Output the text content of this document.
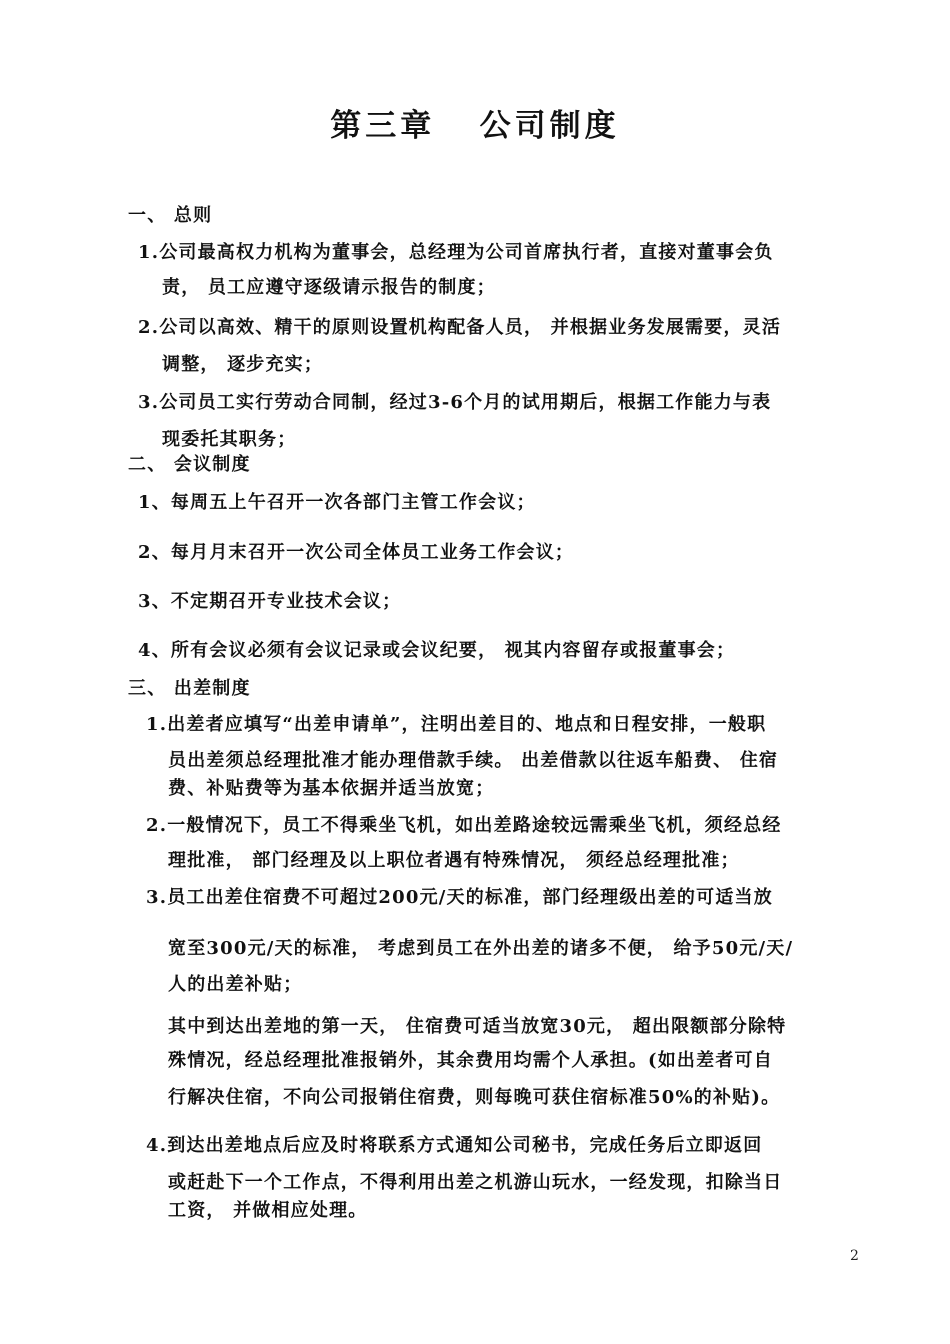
第三章   公司制度
一、 总则
1.公司最高权力机构为董事会，总经理为公司首席执行者，直接对董事会负
责， 员工应遵守逐级请示报告的制度；
2.公司以高效、精干的原则设置机构配备人员， 并根据业务发展需要，灵活
调整， 逐步充实；
3.公司员工实行劳动合同制，经过3-6个月的试用期后，根据工作能力与表
现委托其职务；
二、 会议制度
1、每周五上午召开一次各部门主管工作会议；
2、每月月末召开一次公司全体员工业务工作会议；
3、不定期召开专业技术会议；
4、所有会议必须有会议记录或会议纪要， 视其内容留存或报董事会；
三、 出差制度
1.出差者应填写“出差申请单”，注明出差目的、地点和日程安排，一般职
员出差须总经理批准才能办理借款手续。 出差借款以往返车船费、 住宿
费、补贴费等为基本依据并适当放宽；
2.一般情况下，员工不得乘坐飞机，如出差路途较远需乘坐飞机，须经总经
理批准， 部门经理及以上职位者遇有特殊情况， 须经总经理批准；
3.员工出差住宿费不可超过200元/天的标准，部门经理级出差的可适当放
宽至300元/天的标准， 考虑到员工在外出差的诸多不便， 给予50元/天/
人的出差补贴；
其中到达出差地的第一天， 住宿费可适当放宽30元， 超出限额部分除特
殊情况，经总经理批准报销外，其余费用均需个人承担。(如出差者可自
行解决住宿，不向公司报销住宿费，则每晚可获住宿标准50%的补贴)。
4.到达出差地点后应及时将联系方式通知公司秘书，完成任务后立即返回
或赶赴下一个工作点，不得利用出差之机游山玩水，一经发现，扣除当日
工资， 并做相应处理。
2
